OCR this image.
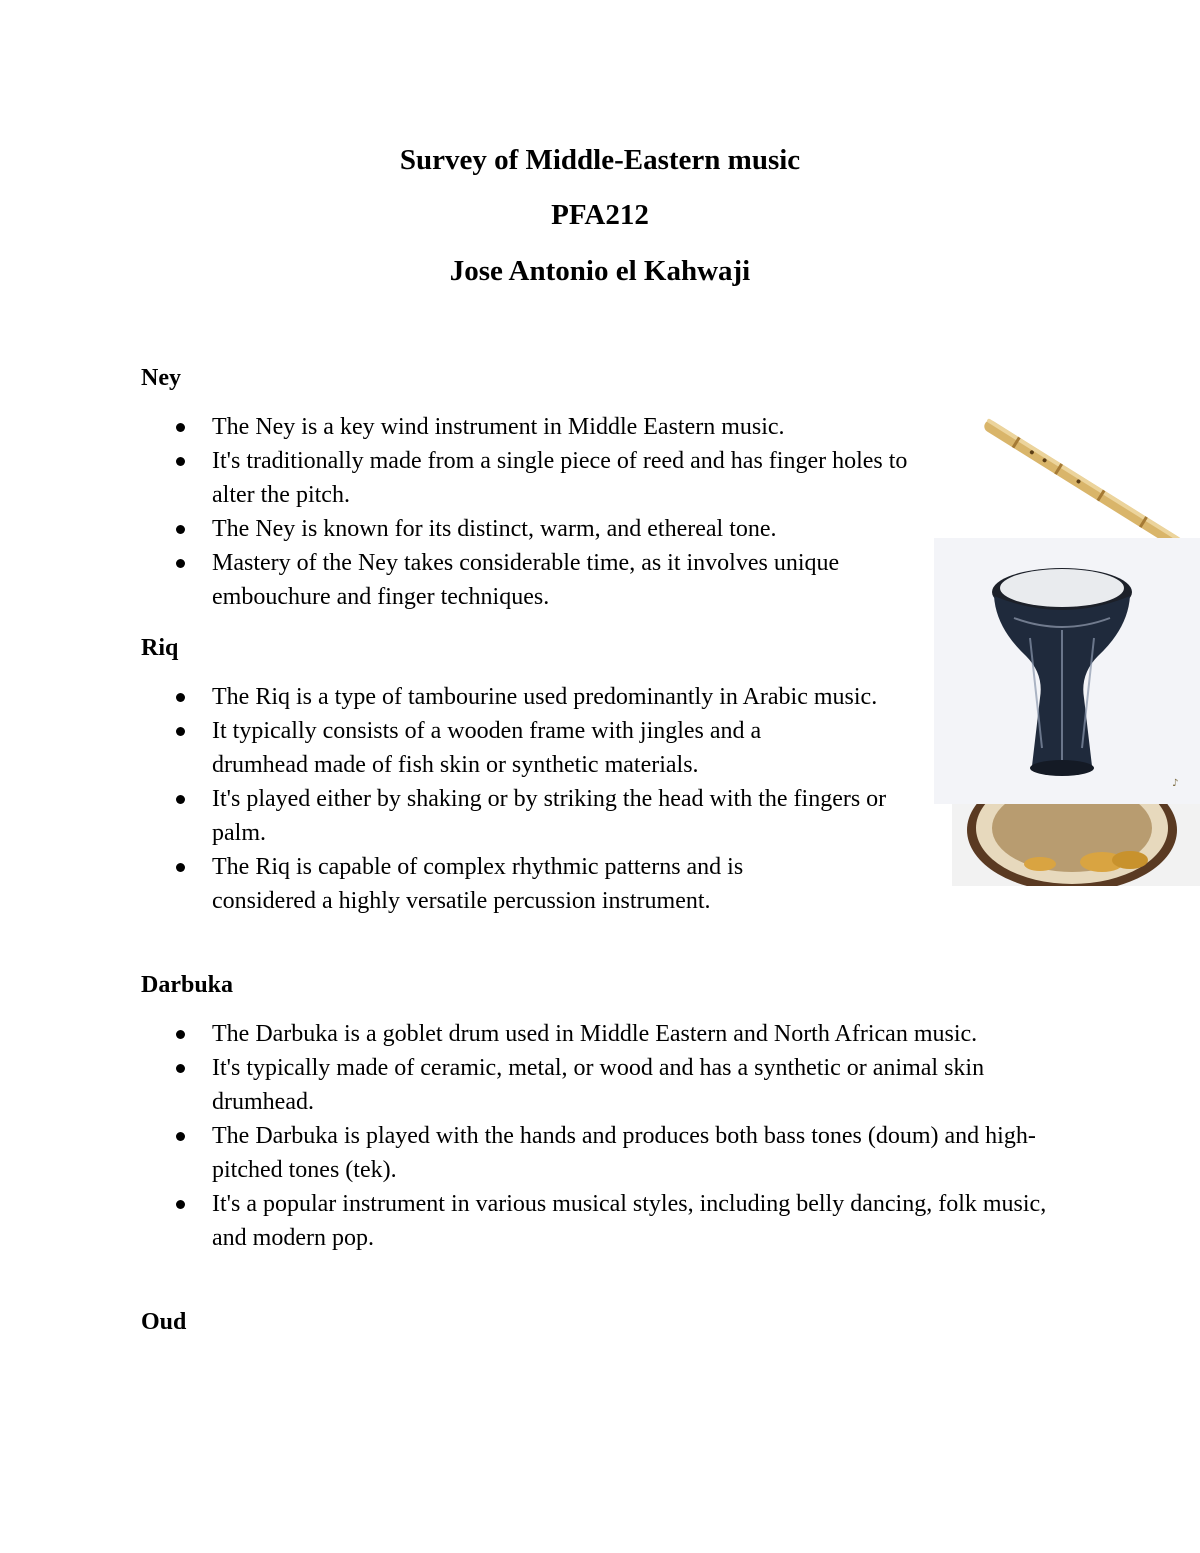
Survey of Middle-Eastern music
PFA212
Jose Antonio el Kahwaji
Ney
The Ney is a key wind instrument in Middle Eastern music.
It's traditionally made from a single piece of reed and has finger holes to alter the pitch.
The Ney is known for its distinct, warm, and ethereal tone.
Mastery of the Ney takes considerable time, as it involves unique embouchure and finger techniques.
Riq
The Riq is a type of tambourine used predominantly in Arabic music.
It typically consists of a wooden frame with jingles and a drumhead made of fish skin or synthetic materials.
It's played either by shaking or by striking the head with the fingers or palm.
The Riq is capable of complex rhythmic patterns and is considered a highly versatile percussion instrument.
Darbuka
The Darbuka is a goblet drum used in Middle Eastern and North African music.
It's typically made of ceramic, metal, or wood and has a synthetic or animal skin drumhead.
The Darbuka is played with the hands and produces both bass tones (doum) and high-pitched tones (tek).
It's a popular instrument in various musical styles, including belly dancing, folk music, and modern pop.
Oud
♪
